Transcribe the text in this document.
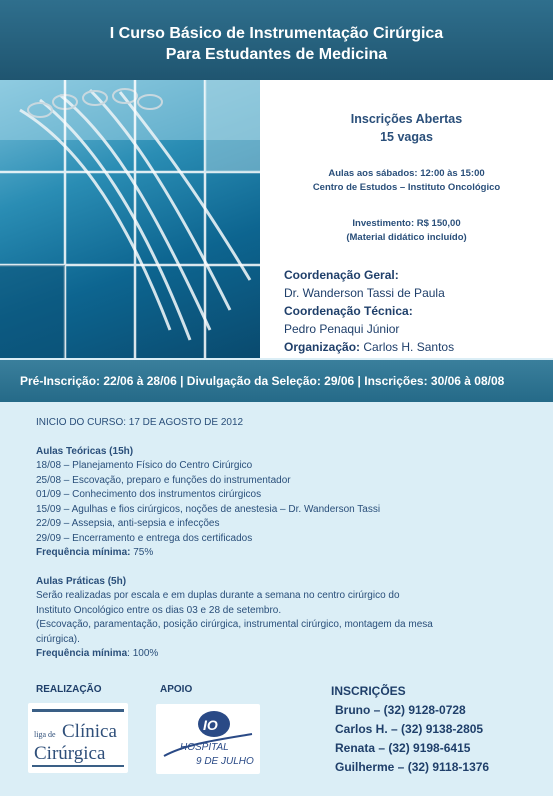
I Curso Básico de Instrumentação Cirúrgica
Para Estudantes de Medicina
Inscrições Abertas
15 vagas
Aulas aos sábados: 12:00 às 15:00
Centro de Estudos – Instituto Oncológico
Investimento: R$ 150,00
(Material didático incluído)
Coordenação Geral:
Dr. Wanderson Tassi de Paula
Coordenação Técnica:
Pedro Penaqui Júnior
Organização: Carlos H. Santos
Pré-Inscrição: 22/06 à 28/06 | Divulgação da Seleção: 29/06 | Inscrições: 30/06 à 08/08
INICIO DO CURSO: 17 DE AGOSTO DE 2012
Aulas Teóricas (15h)
18/08 – Planejamento Físico do Centro Cirúrgico
25/08 – Escovação, preparo e funções do instrumentador
01/09 – Conhecimento dos instrumentos cirúrgicos
15/09 – Agulhas e fios cirúrgicos, noções de anestesia – Dr. Wanderson Tassi
22/09 – Assepsia, anti-sepsia e infecções
29/09 – Encerramento e entrega dos certificados
Frequência mínima: 75%
Aulas Práticas (5h)
Serão realizadas por escala e em duplas durante a semana no centro cirúrgico do
Instituto Oncológico entre os dias 03 e 28 de setembro.
(Escovação, paramentação, posição cirúrgica, instrumental cirúrgico, montagem da mesa
cirúrgica).
Frequência mínima: 100%
REALIZAÇÃO	APOIO
liga de Clínica
Cirúrgica
IO
HOSPITAL
9 DE JULHO
INSCRIÇÕES
Bruno – (32) 9128-0728
Carlos H. – (32) 9138-2805
Renata – (32) 9198-6415
Guilherme – (32) 9118-1376
